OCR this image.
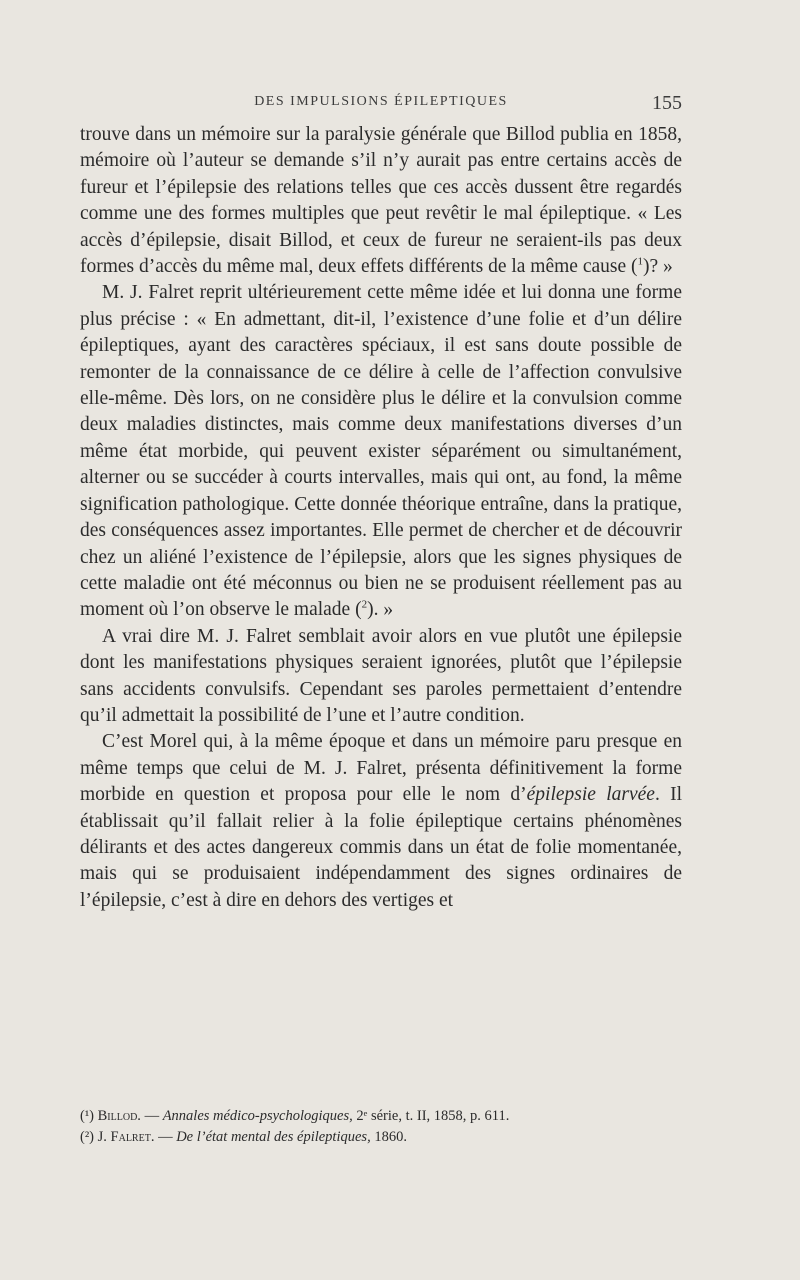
DES IMPULSIONS ÉPILEPTIQUES	155

trouve dans un mémoire sur la paralysie générale que Billod publia en 1858, mémoire où l’auteur se demande s’il n’y aurait pas entre certains accès de fureur et l’épilepsie des relations telles que ces accès dussent être regardés comme une des formes multiples que peut revêtir le mal épileptique. « Les accès d’épilepsie, disait Billod, et ceux de fureur ne seraient-ils pas deux formes d’accès du même mal, deux effets différents de la même cause ($^1$)? »

M. J. Falret reprit ultérieurement cette même idée et lui donna une forme plus précise : « En admettant, dit-il, l’existence d’une folie et d’un délire épileptiques, ayant des caractères spéciaux, il est sans doute possible de remonter de la connaissance de ce délire à celle de l’affection convulsive elle-même. Dès lors, on ne considère plus le délire et la convulsion comme deux maladies distinctes, mais comme deux manifestations diverses d’un même état morbide, qui peuvent exister séparément ou simultanément, alterner ou se succéder à courts intervalles, mais qui ont, au fond, la même signification pathologique. Cette donnée théorique entraîne, dans la pratique, des conséquences assez importantes. Elle permet de chercher et de découvrir chez un aliéné l’existence de l’épilepsie, alors que les signes physiques de cette maladie ont été méconnus ou bien ne se produisent réellement pas au moment où l’on observe le malade ($^2$). »

A vrai dire M. J. Falret semblait avoir alors en vue plutôt une épilepsie dont les manifestations physiques seraient ignorées, plutôt que l’épilepsie sans accidents convulsifs. Cependant ses paroles permettaient d’entendre qu’il admettait la possibilité de l’une et l’autre condition.

C’est Morel qui, à la même époque et dans un mémoire paru presque en même temps que celui de M. J. Falret, présenta définitivement la forme morbide en question et proposa pour elle le nom d’épilepsie larvée. Il établissait qu’il fallait relier à la folie épileptique certains phénomènes délirants et des actes dangereux commis dans un état de folie momentanée, mais qui se produisaient indépendamment des signes ordinaires de l’épilepsie, c’est à dire en dehors des vertiges et

(¹) Billod. — Annales médico-psychologiques, 2ᵉ série, t. II, 1858, p. 611.
(²) J. Falret. — De l’état mental des épileptiques, 1860.
